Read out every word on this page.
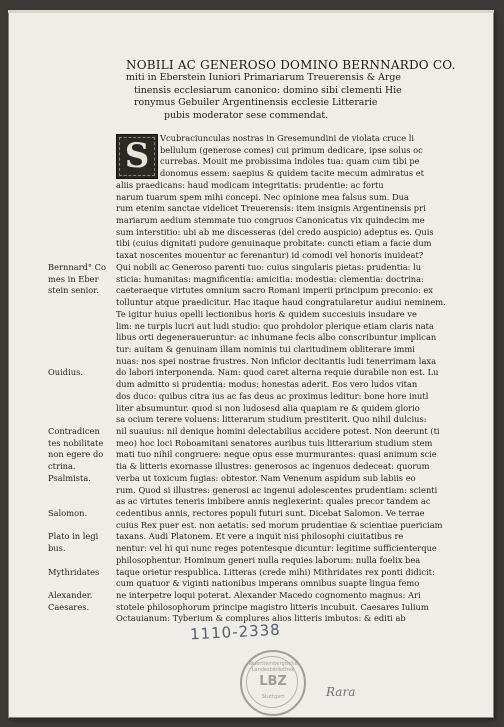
NOBILI AC GENEROSO DOMINO BERNNARDO CO.
miti in Eberstein Iuniori Primariarum Treuerensis & Arge
tinensis ecclesiarum canonico: domino sibi clementi Hie
ronymus Gebuiler Argentinensis ecclesie Litterarie
pubis moderator sese commendat.
S	Vcubraciunculas nostras in Gresemundini de violata cruce li
bellulum (generose comes) cui primum dedicare, ipse solus oc
currebas. Mouit me probissima indoles tua: quam cum tibi pe
donomus essem: saepius & quidem tacite mecum admiratus et
aliis praedicans: haud modicam integritatis: prudentie: ac fortu
narum tuarum spem mihi concepi. Nec opinione mea falsus sum. Dua
rum etenim sanctae videlicet Treuerensis: item insignis Argentinensis pri
mariarum aedium stemmate tuo congruos Canonicatus vix quindecim me
sum interstitio: ubi ab me discesseras (del credo auspicio) adeptus es. Quis
tibi (cuius dignitati pudore genuinaque probitate: cuncti etiam a facie dum
taxat noscentes mouentur ac ferenantur) id comodi vel honoris inuideat?
Qui nobili ac Generoso parenti tuo: cuius singularis pietas: prudentia: lu
sticia: humanitas: magnificentia: amicitia: modestia: clementia: doctrina:
caeteraeque virtutes omnium sacro Romani imperii principum preconio: ex
tolluntur atque praedicitur. Hac itaque haud congratularetur audiui neminem.
Te igitur huius opelli lectionibus horis & quidem succesiuis insudare ve
lim: ne turpis lucri aut ludi studio: quo prohdolor plerique etiam claris nata
libus orti degeneraueruntur: ac inhumane fecis albo conscribuntur implican
tur: auitam & genuinam illam nominis tui claritudinem obliterare immi
nuas: nos spei nostrae frustres. Non inficior decitantis ludi tenerrimam laxa
do labori interponenda. Nam: quod caret alterna requie durabile non est. Lu
dum admitto si prudentia: modus: honestas aderit. Eos vero ludos vitan
dos duco: quibus citra ius ac fas deus ac proximus leditur: bone hore inutl
liter absumuntur. quod si non ludosesd alia quapiam re & quidem glorio
sa ocium terere voluens: litterarum studium prestiterit. Quo nihil dulcius:
nil suauius: nil denique homini delectabilius accidere potest. Non deerunt (ti
meo) hoc loci Roboamitani senatores auribus tuis litterarium studium stem
mati tuo nihil congruere: neque opus esse murmurantes: quasi animum scie
tia & litteris exornasse illustres: generosos ac ingenuos dedeceat: quorum
verba ut toxicum fugias: obtestor. Nam Venenum aspidum sub labiis eo
rum. Quod si illustres: generosi ac ingenui adolescentes prudentiam: scienti
as ac virtutes teneris imbibere annis neglexerint: quales precor tandem ac
cedentibus annis, rectores populi futuri sunt. Dicebat Salomon. Ve terrae
cuius Rex puer est. non aetatis: sed morum prudentiae & scientiae puericiam
taxans. Audi Platonem. Et vere a inquit nisi philosophi ciuitatibus re
nentur: vel hi qui nunc reges potentesque dicuntur: legitime sufficienterque
philosophentur. Hominum generi nulla requies laborum: nulla foelix bea
taque orietur respublica. Litteras (crede mihi) Mithridates rex ponti didicit:
cum quatuor & viginti nationibus imperans omnibus suapte lingua femo
ne interpetre loqui poterat. Alexander Macedo cognomento magnus: Ari
stotele philosophorum principe magistro litteris incubuit. Caesares Iulium
Octauianum: Tyberium & complures alios litteris imbutos: & editi ab
Bernnard° Co
mes in Eber
stein senior.
Ouidius.
Contradicen
tes nobilitate
non egere do
ctrina.
Psalmista.
Salomon.
Plato in legi
bus.
Mythridates
Alexander.
Caesares.
1110-2338
Wuerttembergische Landesbibliothek
LBZ
Stuttgart	Rara
